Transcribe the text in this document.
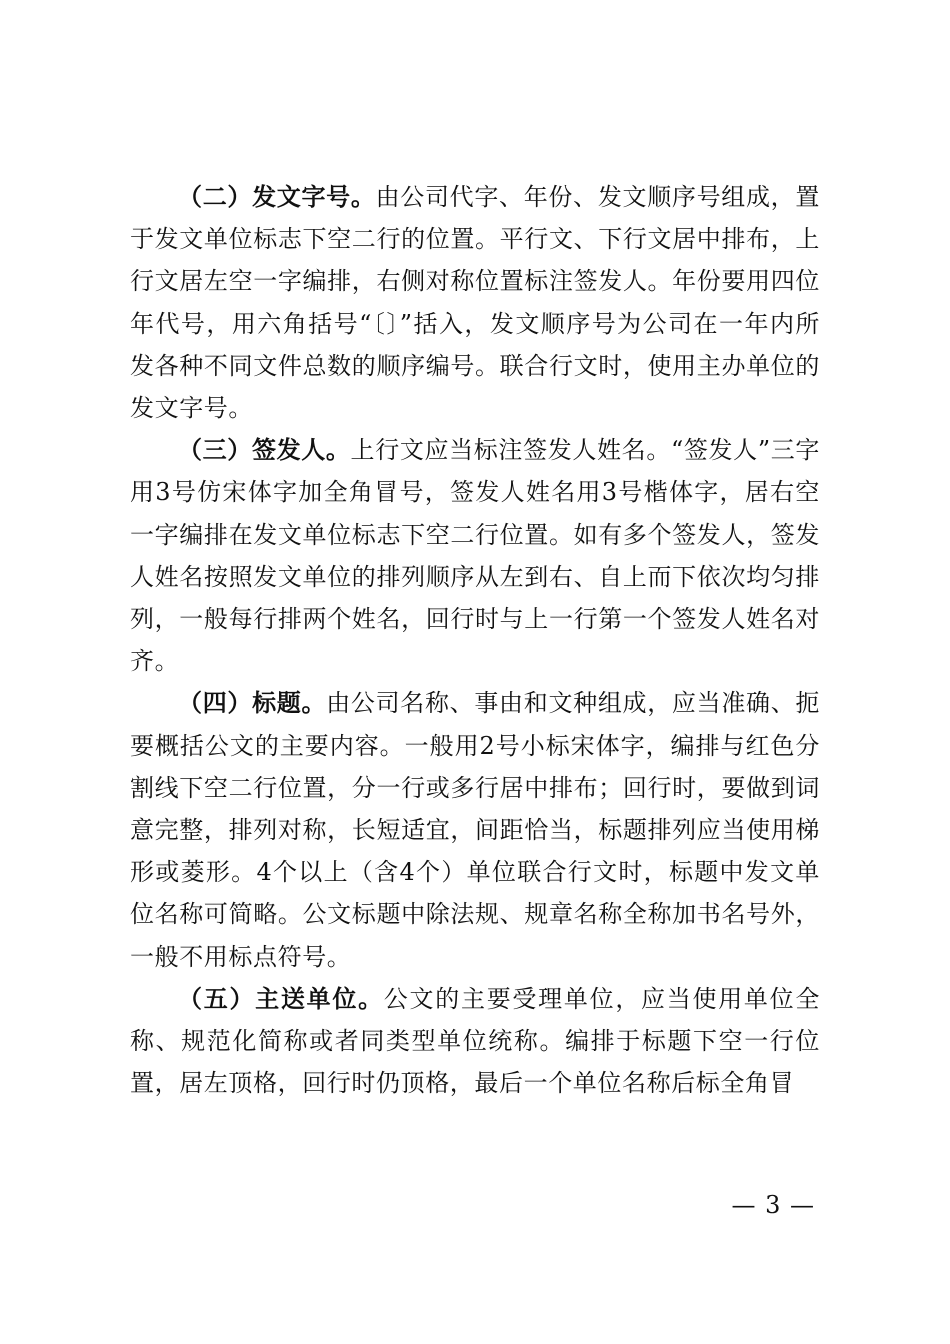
（二）发文字号。由公司代字、年份、发文顺序号组成，置于发文单位标志下空二行的位置。平行文、下行文居中排布，上行文居左空一字编排，右侧对称位置标注签发人。年份要用四位年代号，用六角括号“〔〕”括入，发文顺序号为公司在一年内所发各种不同文件总数的顺序编号。联合行文时，使用主办单位的发文字号。

（三）签发人。上行文应当标注签发人姓名。“签发人”三字用3号仿宋体字加全角冒号，签发人姓名用3号楷体字，居右空一字编排在发文单位标志下空二行位置。如有多个签发人，签发人姓名按照发文单位的排列顺序从左到右、自上而下依次均匀排列，一般每行排两个姓名，回行时与上一行第一个签发人姓名对齐。

（四）标题。由公司名称、事由和文种组成，应当准确、扼要概括公文的主要内容。一般用2号小标宋体字，编排与红色分割线下空二行位置，分一行或多行居中排布；回行时，要做到词意完整，排列对称，长短适宜，间距恰当，标题排列应当使用梯形或菱形。4个以上（含4个）单位联合行文时，标题中发文单位名称可简略。公文标题中除法规、规章名称全称加书名号外，一般不用标点符号。

（五）主送单位。公文的主要受理单位，应当使用单位全称、规范化简称或者同类型单位统称。编排于标题下空一行位置，居左顶格，回行时仍顶格，最后一个单位名称后标全角冒

— 3 —
